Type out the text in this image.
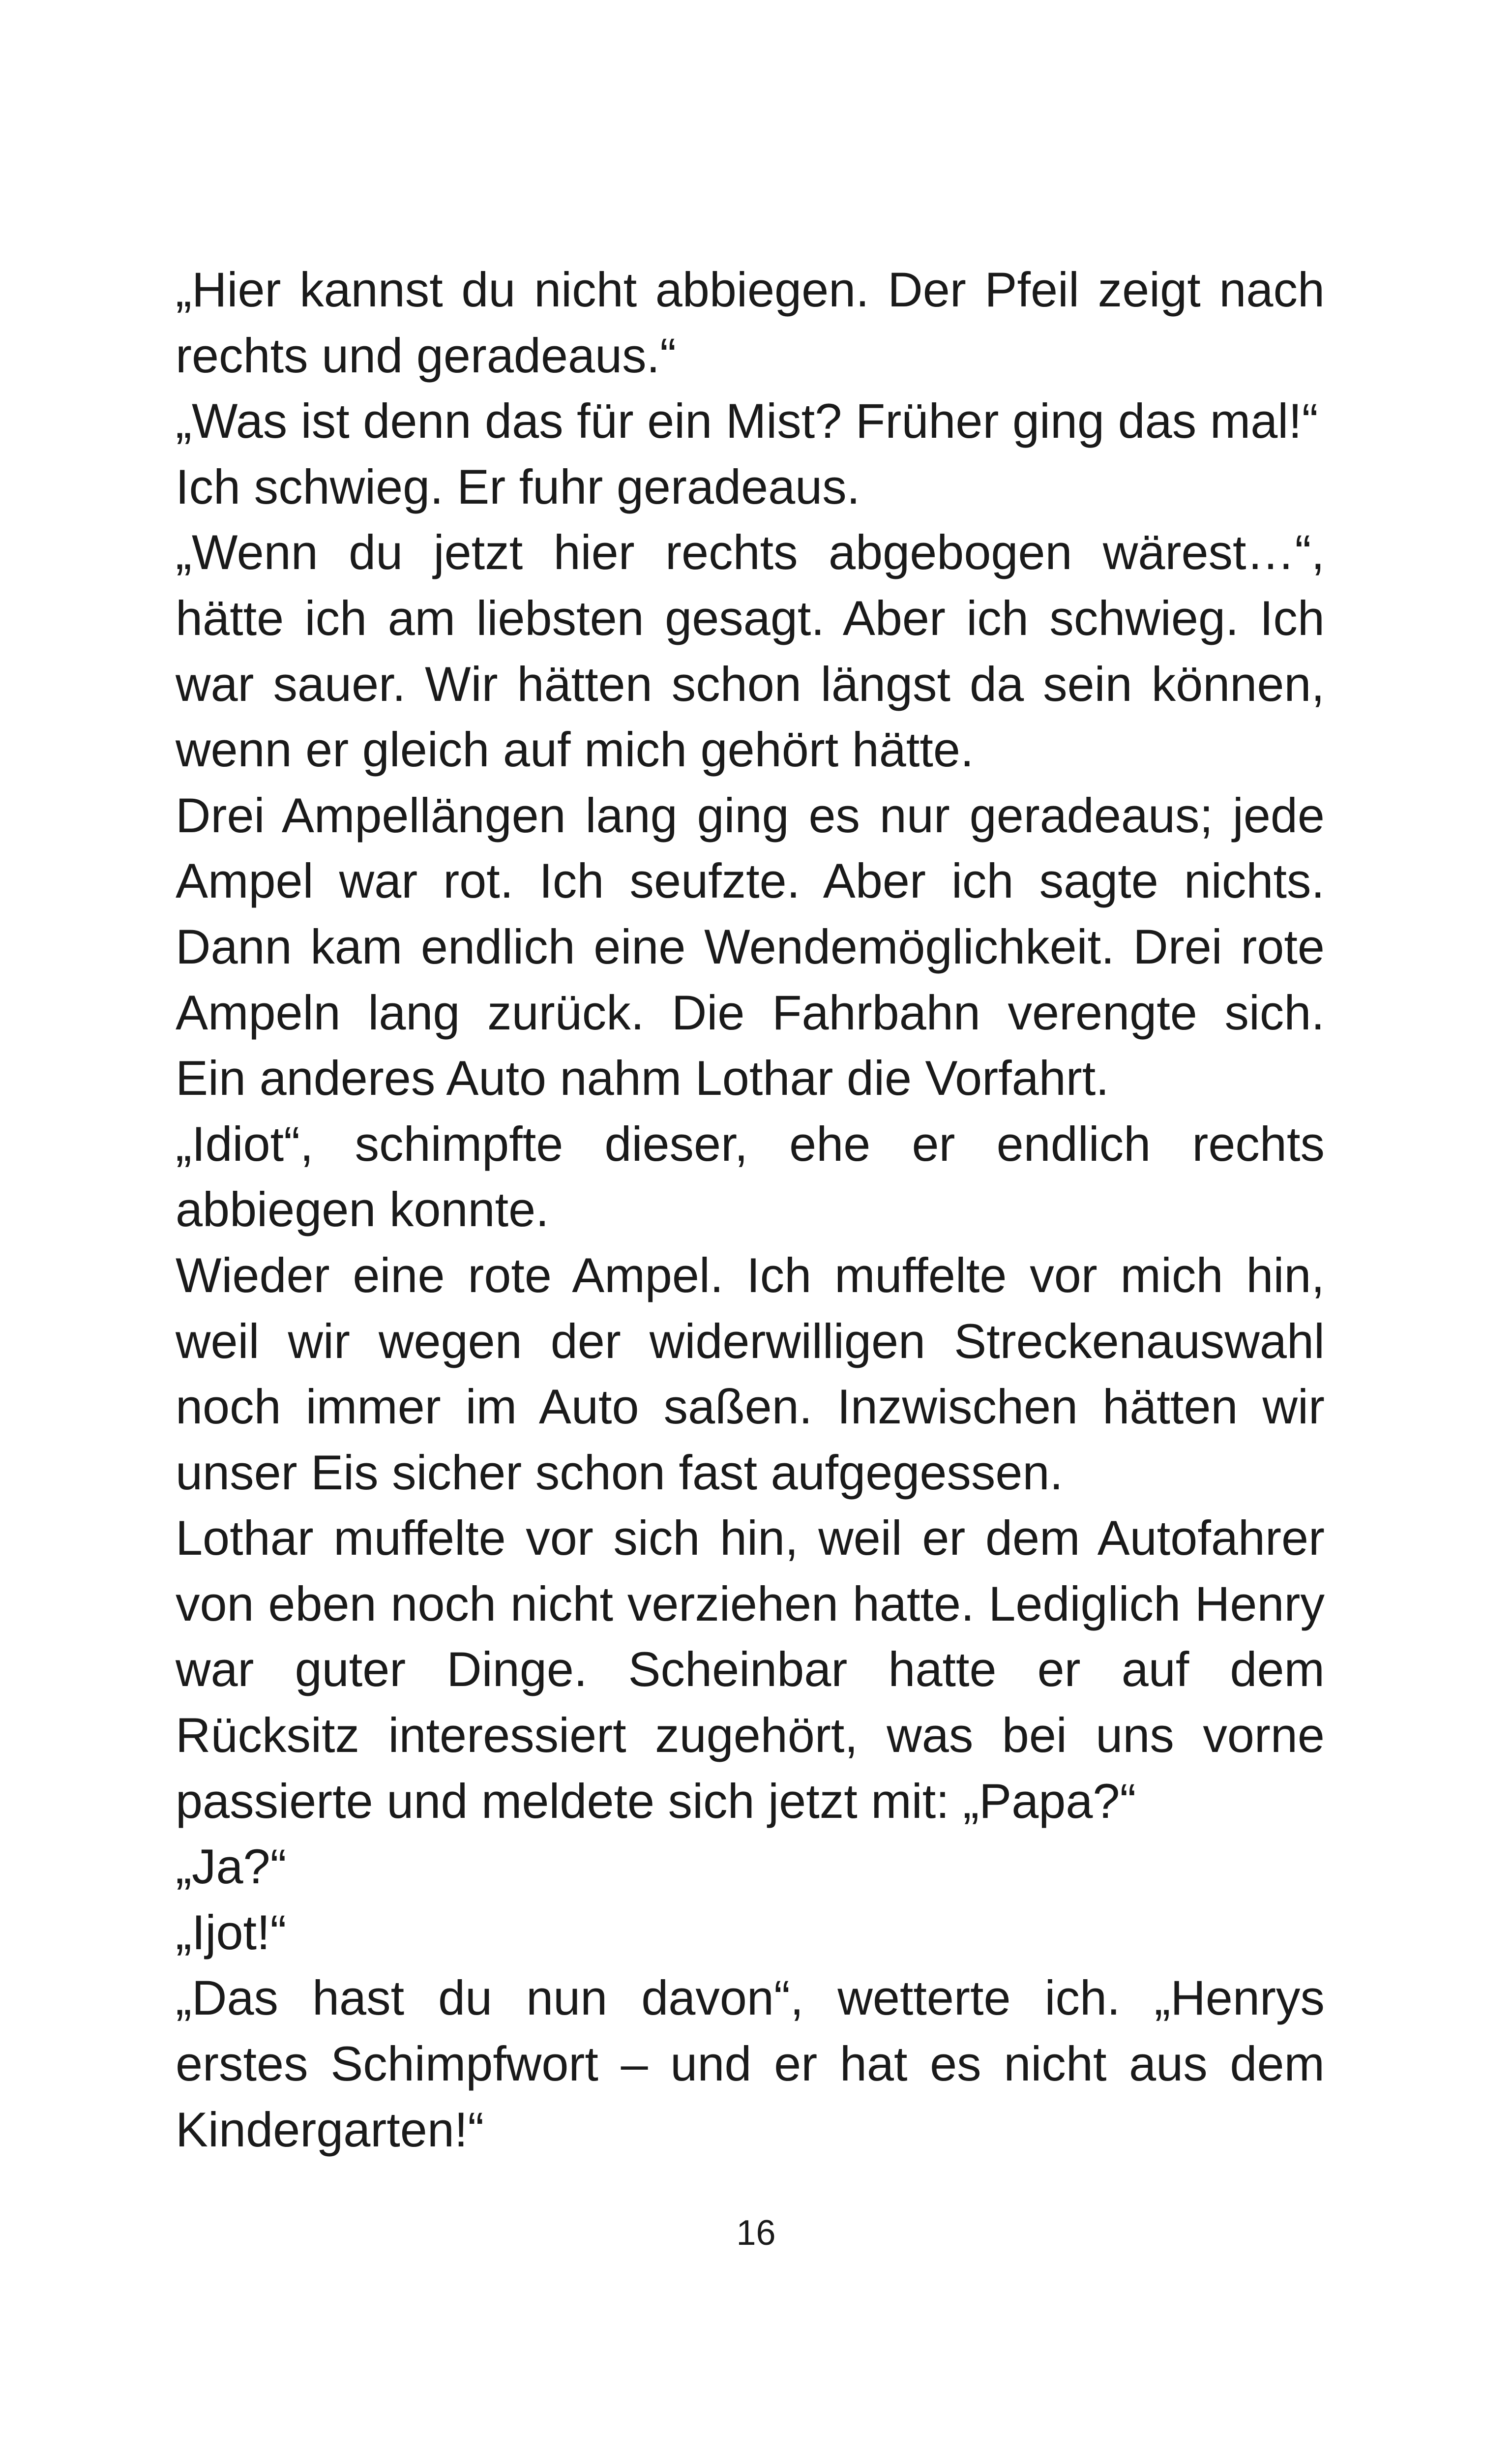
„Hier kannst du nicht abbiegen. Der Pfeil zeigt nach rechts und geradeaus.“

„Was ist denn das für ein Mist? Früher ging das mal!“

Ich schwieg. Er fuhr geradeaus.

„Wenn du jetzt hier rechts abgebogen wärest…“, hätte ich am liebsten gesagt. Aber ich schwieg. Ich war sauer. Wir hätten schon längst da sein können, wenn er gleich auf mich gehört hätte.

Drei Ampellängen lang ging es nur geradeaus; jede Ampel war rot. Ich seufzte. Aber ich sagte nichts. Dann kam endlich eine Wendemöglichkeit. Drei rote Ampeln lang zurück. Die Fahrbahn verengte sich. Ein anderes Auto nahm Lothar die Vorfahrt.

„Idiot“, schimpfte dieser, ehe er endlich rechts abbiegen konnte.

Wieder eine rote Ampel. Ich muffelte vor mich hin, weil wir wegen der widerwilligen Streckenauswahl noch immer im Auto saßen. Inzwischen hätten wir unser Eis sicher schon fast aufgegessen.

Lothar muffelte vor sich hin, weil er dem Autofahrer von eben noch nicht verziehen hatte. Lediglich Henry war guter Dinge. Scheinbar hatte er auf dem Rücksitz interessiert zugehört, was bei uns vorne passierte und meldete sich jetzt mit: „Papa?“

„Ja?“

„Ijot!“

„Das hast du nun davon“, wetterte ich. „Henrys erstes Schimpfwort – und er hat es nicht aus dem Kindergarten!“

16
